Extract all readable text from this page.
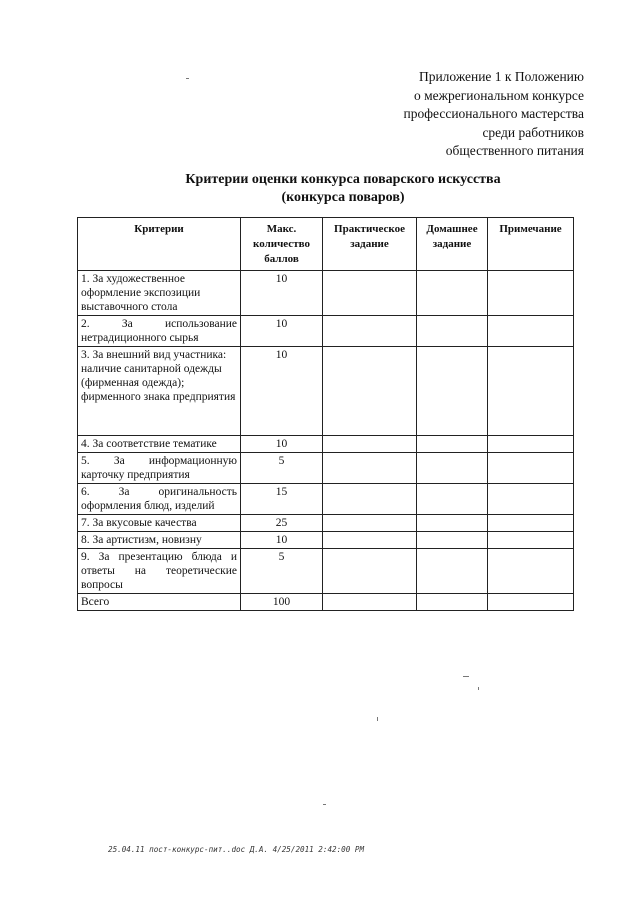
Приложение 1 к Положению
о межрегиональном конкурсе
профессионального мастерства
среди работников
общественного питания
Критерии оценки конкурса поварского искусства
(конкурса поваров)
Критерии	Макс. количество баллов	Практическое задание	Домашнее задание	Примечание
1. За художественное оформление экспозиции выставочного стола	10			
2. За использование нетрадиционного сырья	10			
3. За внешний вид участника: наличие санитарной одежды (фирменная одежда); фирменного знака предприятия	10			
4. За соответствие тематике	10			
5. За информационную карточку предприятия	5			
6. За оригинальность оформления блюд, изделий	15			
7. За вкусовые качества	25			
8. За артистизм, новизну	10			
9. За презентацию блюда и ответы на теоретические вопросы	5			
Всего	100			
25.04.11 пост-конкурс-пит..doc Д.А. 4/25/2011 2:42:00 PM
